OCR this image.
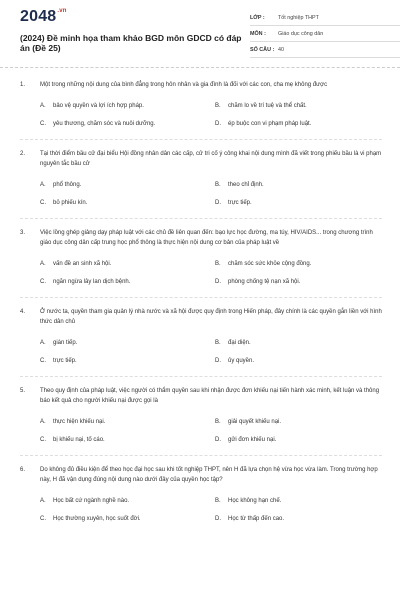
$2048^{.vn}$
(2024) Đề minh họa tham khảo BGD môn GDCD có đáp án (Đề 25)
LỚP :	Tốt nghiệp THPT
MÔN :	Giáo dục công dân
SỐ CÂU : 40
1. Một trong những nội dung của bình đẳng trong hôn nhân và gia đình là đối với các con, cha mẹ không được

A.	bảo vệ quyền và lợi ích hợp pháp.	B.	chăm lo về trí tuệ và thể chất.
C.	yêu thương, chăm sóc và nuôi dưỡng.	D.	ép buộc con vi phạm pháp luật.
2. Tại thời điểm bầu cử đại biểu Hội đồng nhân dân các cấp, cử tri cố ý công khai nội dung mình đã viết trong phiếu bầu là vi phạm nguyên tắc bầu cử

A.	phổ thông.	B.	theo chỉ định.
C.	bỏ phiếu kín.	D.	trực tiếp.
3. Việc lồng ghép giảng dạy pháp luật với các chủ đề liên quan đến: bạo lực học đường, ma túy, HIV/AIDS... trong chương trình giáo dục công dân cấp trung học phổ thông là thực hiện nội dung cơ bản của pháp luật về

A.	vấn đề an sinh xã hội.	B.	chăm sóc sức khỏe cộng đồng.
C.	ngăn ngừa lây lan dịch bệnh.	D.	phòng chống tệ nạn xã hội.
4. Ở nước ta, quyền tham gia quản lý nhà nước và xã hội được quy định trong Hiến pháp, đây chính là các quyền gắn liền với hình thức dân chủ

A.	gián tiếp.	B.	đại diện.
C.	trực tiếp.	D.	ủy quyền.
5. Theo quy định của pháp luật, việc người có thẩm quyền sau khi nhận được đơn khiếu nại tiến hành xác minh, kết luận và thông báo kết quả cho người khiếu nại được gọi là

A.	thực hiện khiếu nại.	B.	giải quyết khiếu nại.
C.	bị khiếu nại, tố cáo.	D.	gửi đơn khiếu nại.
6. Do không đủ điều kiện để theo học đại học sau khi tốt nghiệp THPT, nên H đã lựa chọn hệ vừa học vừa làm. Trong trường hợp này, H đã vận dụng đúng nội dung nào dưới đây của quyền học tập?

A.	Học bất cứ ngành nghề nào.	B.	Học không hạn chế.
C.	Học thường xuyên, học suốt đời.	D.	Học từ thấp đến cao.
